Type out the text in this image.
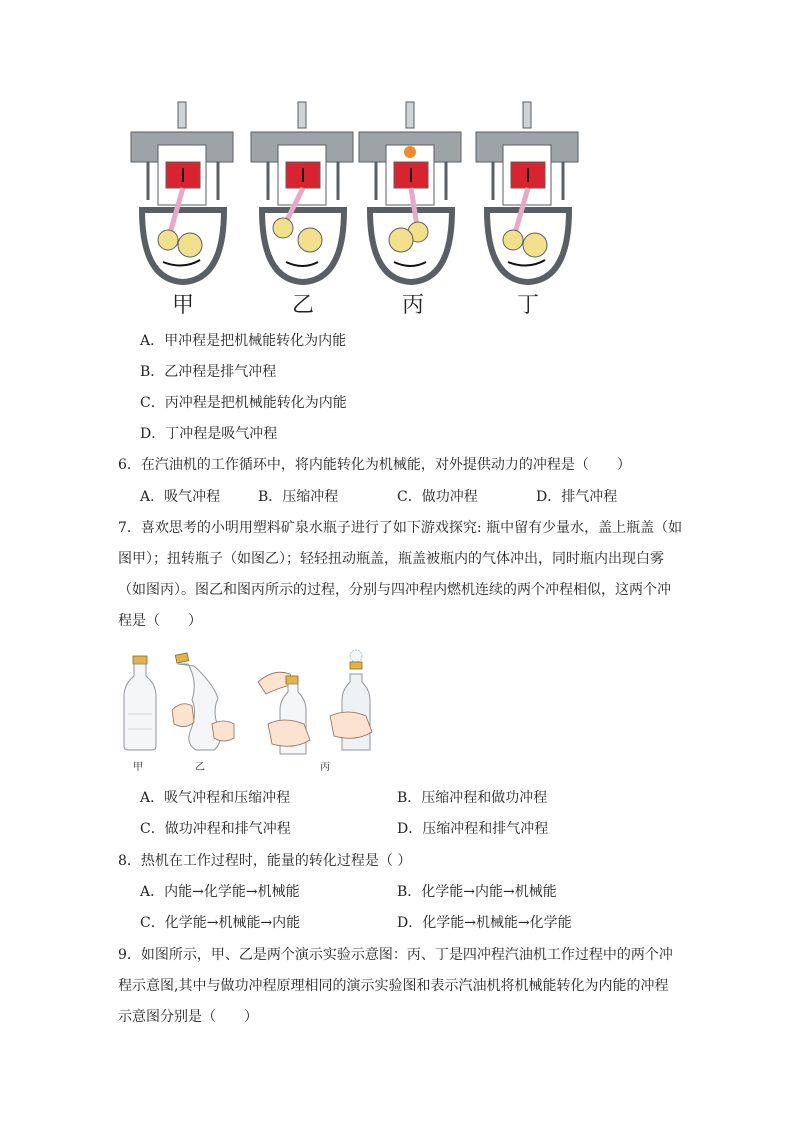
甲	乙	丙	丁
A．甲冲程是把机械能转化为内能
B．乙冲程是排气冲程
C．丙冲程是把机械能转化为内能
D．丁冲程是吸气冲程
6．在汽油机的工作循环中，将内能转化为机械能，对外提供动力的冲程是（　　）
A．吸气冲程	B．压缩冲程	C．做功冲程	D．排气冲程
7．喜欢思考的小明用塑料矿泉水瓶子进行了如下游戏探究: 瓶中留有少量水，盖上瓶盖（如
图甲）；扭转瓶子（如图乙）；轻轻扭动瓶盖，瓶盖被瓶内的气体冲出，同时瓶内出现白雾
（如图丙）。图乙和图丙所示的过程，分别与四冲程内燃机连续的两个冲程相似，这两个冲
程是（　　）
甲	乙	丙
A．吸气冲程和压缩冲程	B．压缩冲程和做功冲程
C．做功冲程和排气冲程	D．压缩冲程和排气冲程
8．热机在工作过程时，能量的转化过程是（ ）
A．内能→化学能→机械能	B．化学能→内能→机械能
C．化学能→机械能→内能	D．化学能→机械能→化学能
9．如图所示，甲、乙是两个演示实验示意图：丙、丁是四冲程汽油机工作过程中的两个冲
程示意图,其中与做功冲程原理相同的演示实验图和表示汽油机将机械能转化为内能的冲程
示意图分别是（　　）
